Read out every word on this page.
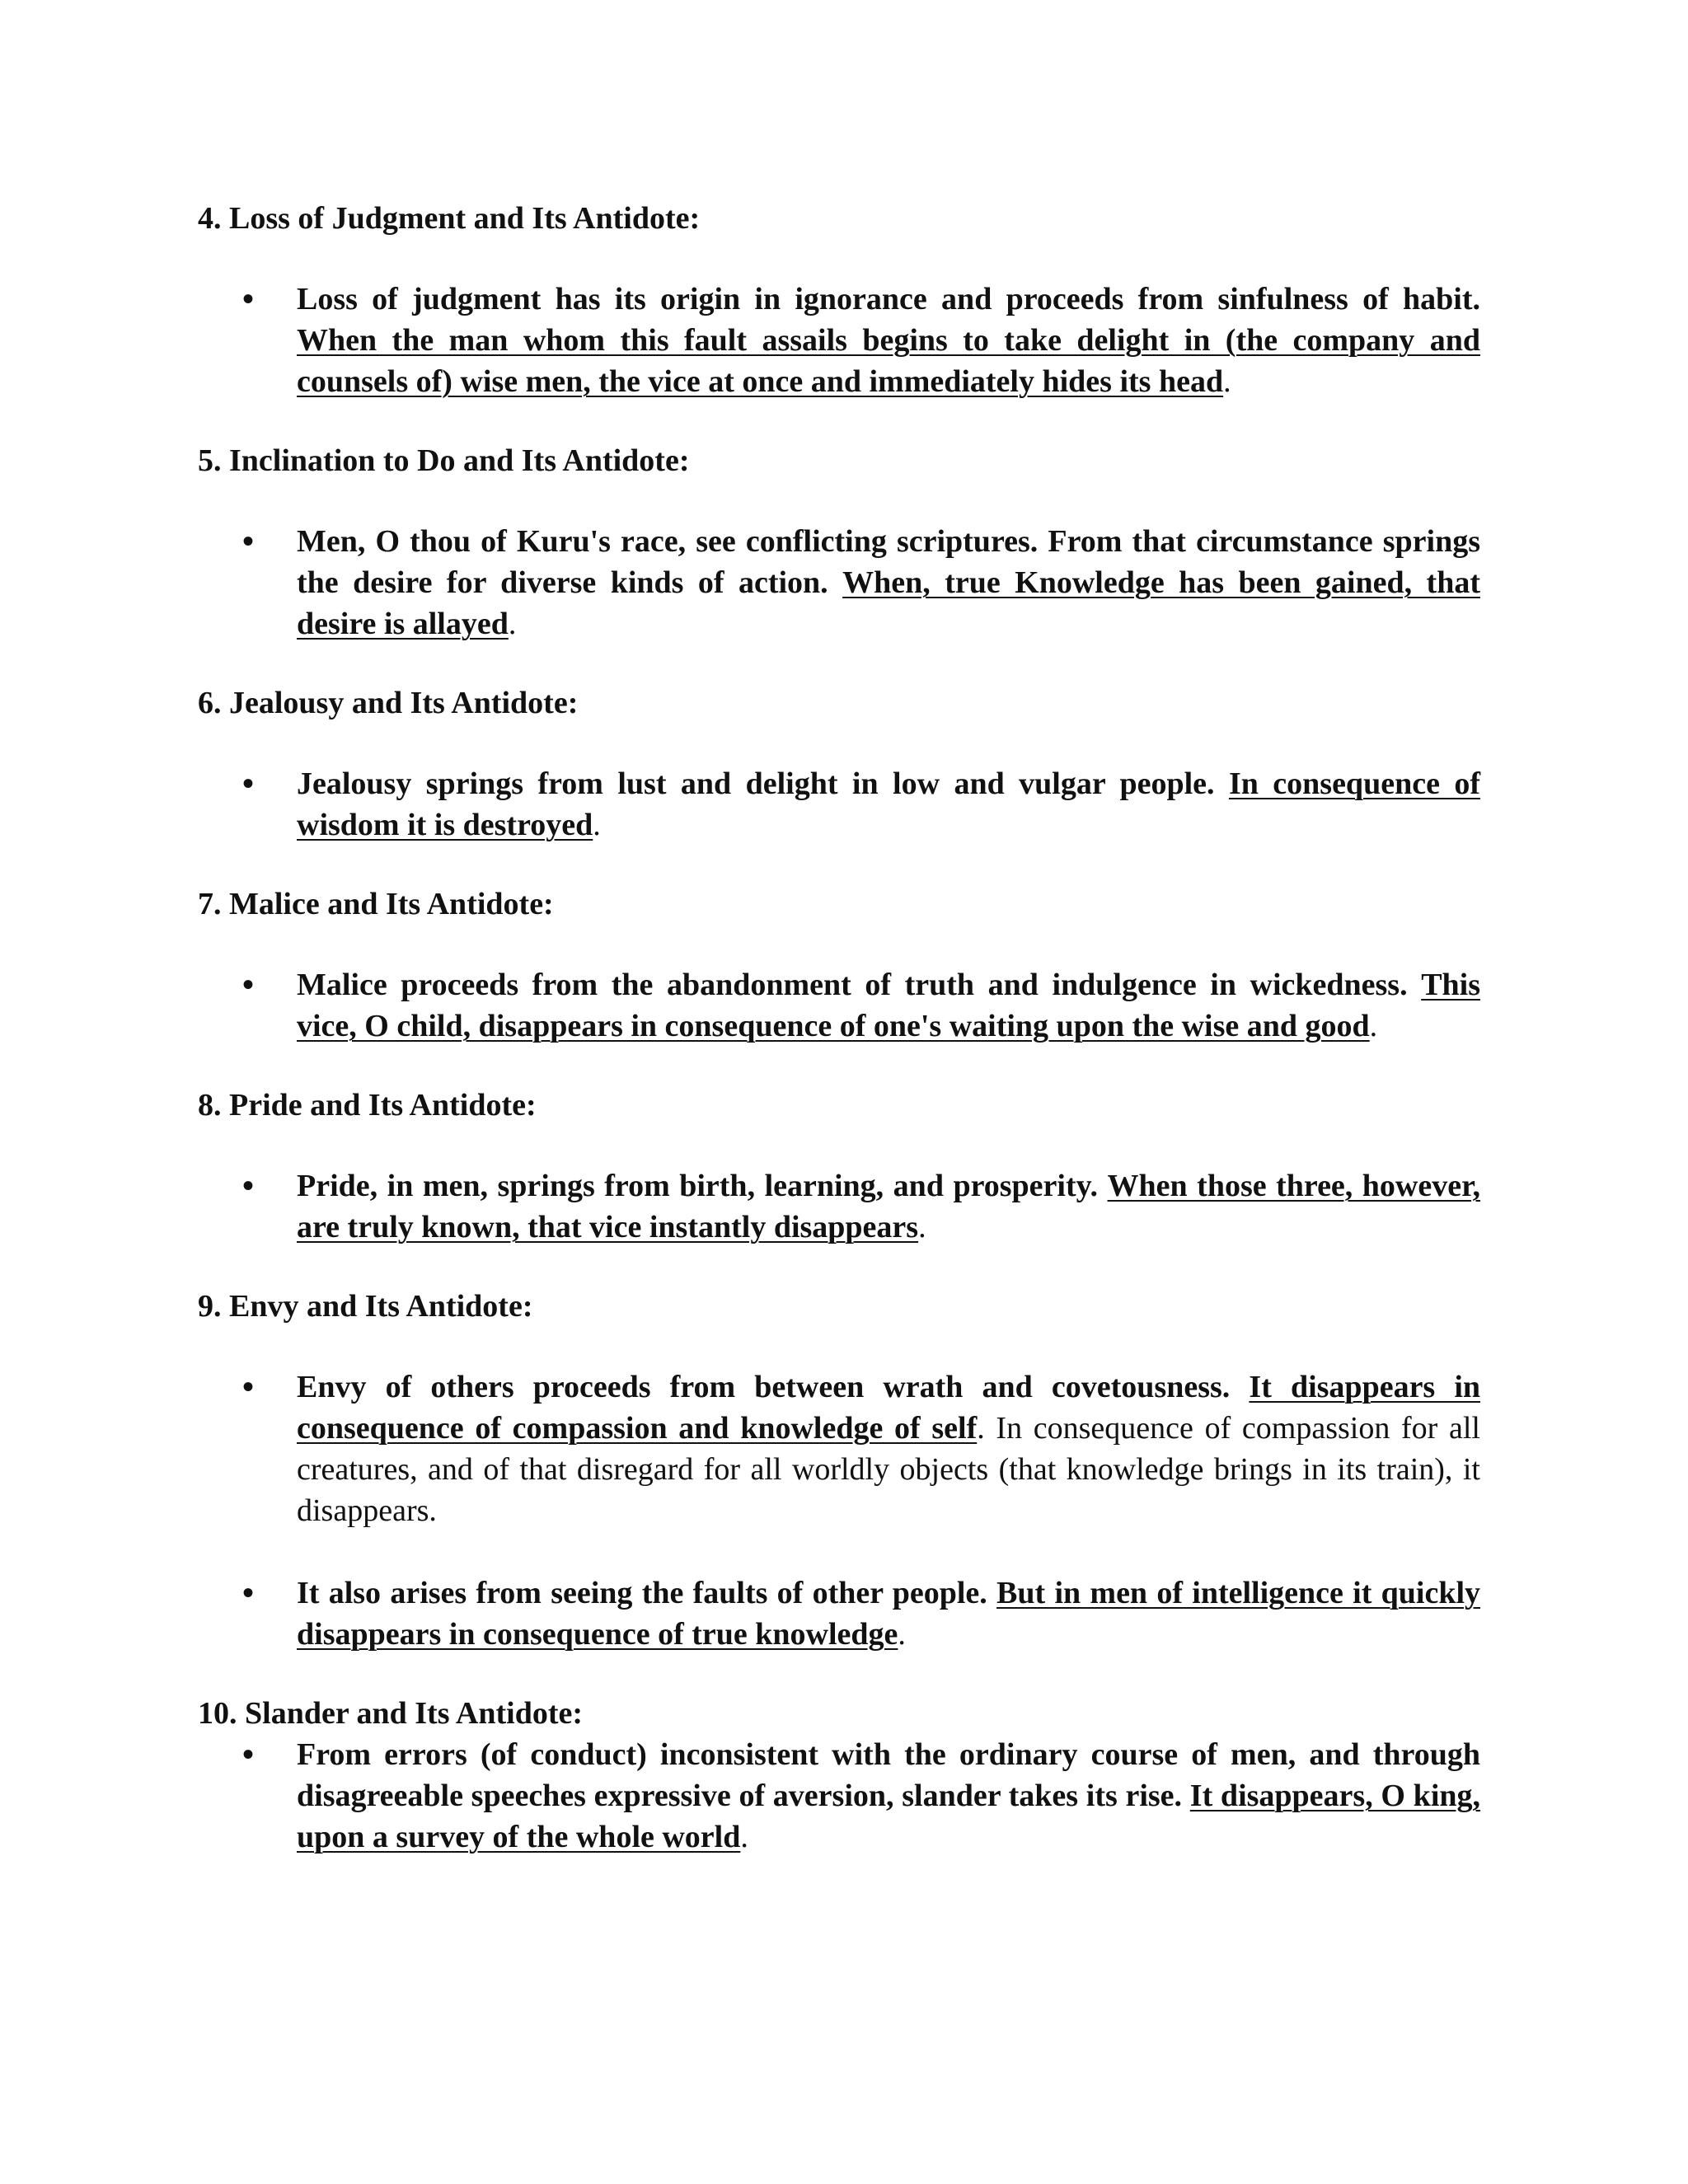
4. Loss of Judgment and Its Antidote:
• Loss of judgment has its origin in ignorance and proceeds from sinfulness of habit. When the man whom this fault assails begins to take delight in (the company and counsels of) wise men, the vice at once and immediately hides its head.
5. Inclination to Do and Its Antidote:
• Men, O thou of Kuru's race, see conflicting scriptures. From that circumstance springs the desire for diverse kinds of action. When, true Knowledge has been gained, that desire is allayed.
6. Jealousy and Its Antidote:
• Jealousy springs from lust and delight in low and vulgar people. In consequence of wisdom it is destroyed.
7. Malice and Its Antidote:
• Malice proceeds from the abandonment of truth and indulgence in wickedness. This vice, O child, disappears in consequence of one's waiting upon the wise and good.
8. Pride and Its Antidote:
• Pride, in men, springs from birth, learning, and prosperity. When those three, however, are truly known, that vice instantly disappears.
9. Envy and Its Antidote:
• Envy of others proceeds from between wrath and covetousness. It disappears in consequence of compassion and knowledge of self. In consequence of compassion for all creatures, and of that disregard for all worldly objects (that knowledge brings in its train), it disappears.
• It also arises from seeing the faults of other people. But in men of intelligence it quickly disappears in consequence of true knowledge.
10. Slander and Its Antidote:
• From errors (of conduct) inconsistent with the ordinary course of men, and through disagreeable speeches expressive of aversion, slander takes its rise. It disappears, O king, upon a survey of the whole world.
